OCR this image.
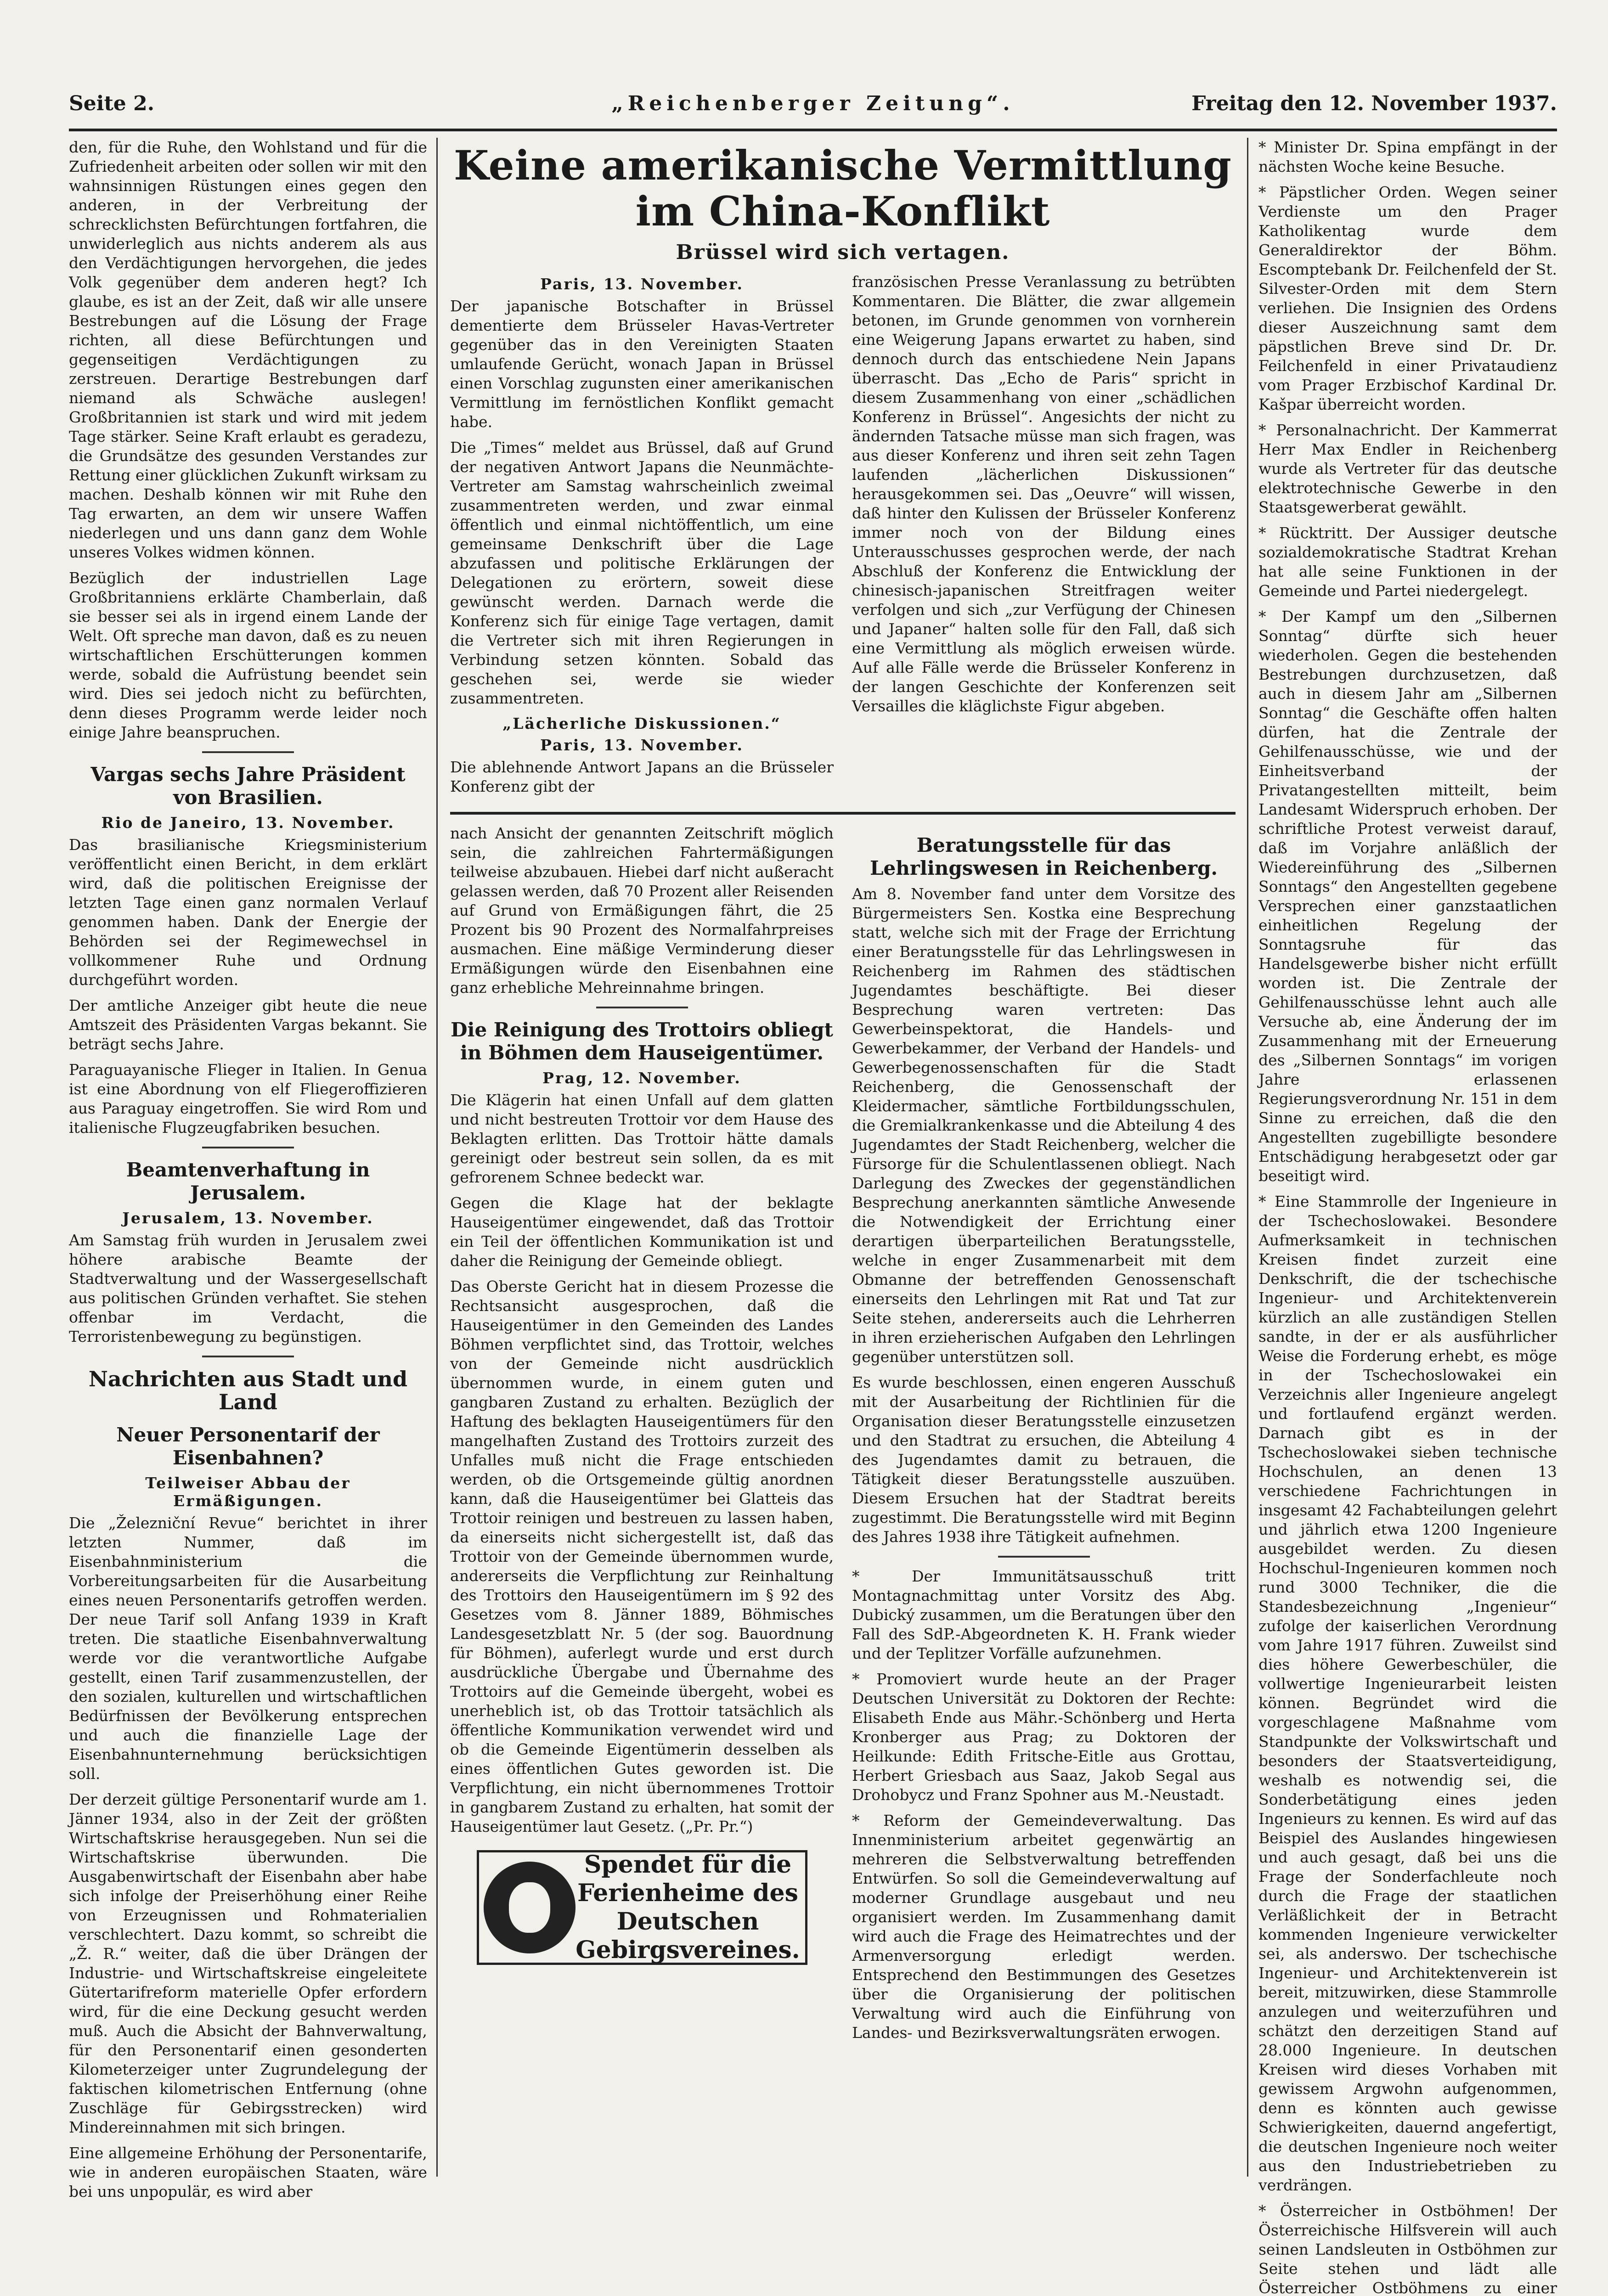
Seite 2.	„Reichenberger Zeitung“.	Freitag den 12. November 1937.

den, für die Ruhe, den Wohlstand und für die Zufriedenheit arbeiten oder sollen wir mit den wahnsinnigen Rüstungen eines gegen den anderen, in der Verbreitung der schrecklichsten Befürchtungen fortfahren, die unwiderleglich aus nichts anderem als aus den Verdächtigungen hervorgehen, die jedes Volk gegenüber dem anderen hegt? Ich glaube, es ist an der Zeit, daß wir alle unsere Bestrebungen auf die Lösung der Frage richten, all diese Befürchtungen und gegenseitigen Verdächtigungen zu zerstreuen. Derartige Bestrebungen darf niemand als Schwäche auslegen! Großbritannien ist stark und wird mit jedem Tage stärker. Seine Kraft erlaubt es geradezu, die Grundsätze des gesunden Verstandes zur Rettung einer glücklichen Zukunft wirksam zu machen. Deshalb können wir mit Ruhe den Tag erwarten, an dem wir unsere Waffen niederlegen und uns dann ganz dem Wohle unseres Volkes widmen können.

Bezüglich der industriellen Lage Großbritanniens erklärte Chamberlain, daß sie besser sei als in irgend einem Lande der Welt. Oft spreche man davon, daß es zu neuen wirtschaftlichen Erschütterungen kommen werde, sobald die Aufrüstung beendet sein wird. Dies sei jedoch nicht zu befürchten, denn dieses Programm werde leider noch einige Jahre beanspruchen.

Vargas sechs Jahre Präsident von Brasilien.
Rio de Janeiro, 13. November.

Das brasilianische Kriegsministerium veröffentlicht einen Bericht, in dem erklärt wird, daß die politischen Ereignisse der letzten Tage einen ganz normalen Verlauf genommen haben. Dank der Energie der Behörden sei der Regimewechsel in vollkommener Ruhe und Ordnung durchgeführt worden.

Der amtliche Anzeiger gibt heute die neue Amtszeit des Präsidenten Vargas bekannt. Sie beträgt sechs Jahre.

Paraguayanische Flieger in Italien. In Genua ist eine Abordnung von elf Fliegeroffizieren aus Paraguay eingetroffen. Sie wird Rom und italienische Flugzeugfabriken besuchen.

Beamtenverhaftung in Jerusalem.
Jerusalem, 13. November.

Am Samstag früh wurden in Jerusalem zwei höhere arabische Beamte der Stadtverwaltung und der Wassergesellschaft aus politischen Gründen verhaftet. Sie stehen offenbar im Verdacht, die Terroristenbewegung zu begünstigen.

Nachrichten aus Stadt und Land
Neuer Personentarif der Eisenbahnen?
Teilweiser Abbau der Ermäßigungen.

Die „Železniční Revue“ berichtet in ihrer letzten Nummer, daß im Eisenbahnministerium die Vorbereitungsarbeiten für die Ausarbeitung eines neuen Personentarifs getroffen werden. Der neue Tarif soll Anfang 1939 in Kraft treten. Die staatliche Eisenbahnverwaltung werde vor die verantwortliche Aufgabe gestellt, einen Tarif zusammenzustellen, der den sozialen, kulturellen und wirtschaftlichen Bedürfnissen der Bevölkerung entsprechen und auch die finanzielle Lage der Eisenbahnunternehmung berücksichtigen soll.

Der derzeit gültige Personentarif wurde am 1. Jänner 1934, also in der Zeit der größten Wirtschaftskrise herausgegeben. Nun sei die Wirtschaftskrise überwunden. Die Ausgabenwirtschaft der Eisenbahn aber habe sich infolge der Preiserhöhung einer Reihe von Erzeugnissen und Rohmaterialien verschlechtert. Dazu kommt, so schreibt die „Ž. R.“ weiter, daß die über Drängen der Industrie- und Wirtschaftskreise eingeleitete Gütertarifreform materielle Opfer erfordern wird, für die eine Deckung gesucht werden muß. Auch die Absicht der Bahnverwaltung, für den Personentarif einen gesonderten Kilometerzeiger unter Zugrundelegung der faktischen kilometrischen Entfernung (ohne Zuschläge für Gebirgsstrecken) wird Mindereinnahmen mit sich bringen.

Eine allgemeine Erhöhung der Personentarife, wie in anderen europäischen Staaten, wäre bei uns unpopulär, es wird aber

Keine amerikanische Vermittlung im China-Konflikt
Brüssel wird sich vertagen.
Paris, 13. November.

Der japanische Botschafter in Brüssel dementierte dem Brüsseler Havas-Vertreter gegenüber das in den Vereinigten Staaten umlaufende Gerücht, wonach Japan in Brüssel einen Vorschlag zugunsten einer amerikanischen Vermittlung im fernöstlichen Konflikt gemacht habe.

Die „Times“ meldet aus Brüssel, daß auf Grund der negativen Antwort Japans die Neunmächte-Vertreter am Samstag wahrscheinlich zweimal zusammentreten werden, und zwar einmal öffentlich und einmal nichtöffentlich, um eine gemeinsame Denkschrift über die Lage abzufassen und politische Erklärungen der Delegationen zu erörtern, soweit diese gewünscht werden. Darnach werde die Konferenz sich für einige Tage vertagen, damit die Vertreter sich mit ihren Regierungen in Verbindung setzen könnten. Sobald das geschehen sei, werde sie wieder zusammentreten.

„Lächerliche Diskussionen.“
Paris, 13. November.

Die ablehnende Antwort Japans an die Brüsseler Konferenz gibt der

französischen Presse Veranlassung zu betrübten Kommentaren. Die Blätter, die zwar allgemein betonen, im Grunde genommen von vornherein eine Weigerung Japans erwartet zu haben, sind dennoch durch das entschiedene Nein Japans überrascht. Das „Echo de Paris“ spricht in diesem Zusammenhang von einer „schädlichen Konferenz in Brüssel“. Angesichts der nicht zu ändernden Tatsache müsse man sich fragen, was aus dieser Konferenz und ihren seit zehn Tagen laufenden „lächerlichen Diskussionen“ herausgekommen sei. Das „Oeuvre“ will wissen, daß hinter den Kulissen der Brüsseler Konferenz immer noch von der Bildung eines Unterausschusses gesprochen werde, der nach Abschluß der Konferenz die Entwicklung der chinesisch-japanischen Streitfragen weiter verfolgen und sich „zur Verfügung der Chinesen und Japaner“ halten solle für den Fall, daß sich eine Vermittlung als möglich erweisen würde. Auf alle Fälle werde die Brüsseler Konferenz in der langen Geschichte der Konferenzen seit Versailles die kläglichste Figur abgeben.

nach Ansicht der genannten Zeitschrift möglich sein, die zahlreichen Fahrtermäßigungen teilweise abzubauen. Hiebei darf nicht außeracht gelassen werden, daß 70 Prozent aller Reisenden auf Grund von Ermäßigungen fährt, die 25 Prozent bis 90 Prozent des Normalfahrpreises ausmachen. Eine mäßige Verminderung dieser Ermäßigungen würde den Eisenbahnen eine ganz erhebliche Mehreinnahme bringen.

Die Reinigung des Trottoirs obliegt in Böhmen dem Hauseigentümer.
Prag, 12. November.

Die Klägerin hat einen Unfall auf dem glatten und nicht bestreuten Trottoir vor dem Hause des Beklagten erlitten. Das Trottoir hätte damals gereinigt oder bestreut sein sollen, da es mit gefrorenem Schnee bedeckt war.

Gegen die Klage hat der beklagte Hauseigentümer eingewendet, daß das Trottoir ein Teil der öffentlichen Kommunikation ist und daher die Reinigung der Gemeinde obliegt.

Das Oberste Gericht hat in diesem Prozesse die Rechtsansicht ausgesprochen, daß die Hauseigentümer in den Gemeinden des Landes Böhmen verpflichtet sind, das Trottoir, welches von der Gemeinde nicht ausdrücklich übernommen wurde, in einem guten und gangbaren Zustand zu erhalten. Bezüglich der Haftung des beklagten Hauseigentümers für den mangelhaften Zustand des Trottoirs zurzeit des Unfalles muß nicht die Frage entschieden werden, ob die Ortsgemeinde gültig anordnen kann, daß die Hauseigentümer bei Glatteis das Trottoir reinigen und bestreuen zu lassen haben, da einerseits nicht sichergestellt ist, daß das Trottoir von der Gemeinde übernommen wurde, andererseits die Verpflichtung zur Reinhaltung des Trottoirs den Hauseigentümern im § 92 des Gesetzes vom 8. Jänner 1889, Böhmisches Landesgesetzblatt Nr. 5 (der sog. Bauordnung für Böhmen), auferlegt wurde und erst durch ausdrückliche Übergabe und Übernahme des Trottoirs auf die Gemeinde übergeht, wobei es unerheblich ist, ob das Trottoir tatsächlich als öffentliche Kommunikation verwendet wird und ob die Gemeinde Eigentümerin desselben als eines öffentlichen Gutes geworden ist. Die Verpflichtung, ein nicht übernommenes Trottoir in gangbarem Zustand zu erhalten, hat somit der Hauseigentümer laut Gesetz. („Pr. Pr.“)

Spendet für die Ferienheime des Deutschen Gebirgsvereines.
Beratungsstelle für das Lehrlingswesen in Reichenberg.

Am 8. November fand unter dem Vorsitze des Bürgermeisters Sen. Kostka eine Besprechung statt, welche sich mit der Frage der Errichtung einer Beratungsstelle für das Lehrlingswesen in Reichenberg im Rahmen des städtischen Jugendamtes beschäftigte. Bei dieser Besprechung waren vertreten: Das Gewerbeinspektorat, die Handels- und Gewerbekammer, der Verband der Handels- und Gewerbegenossenschaften für die Stadt Reichenberg, die Genossenschaft der Kleidermacher, sämtliche Fortbildungsschulen, die Gremialkrankenkasse und die Abteilung 4 des Jugendamtes der Stadt Reichenberg, welcher die Fürsorge für die Schulentlassenen obliegt. Nach Darlegung des Zweckes der gegenständlichen Besprechung anerkannten sämtliche Anwesende die Notwendigkeit der Errichtung einer derartigen überparteilichen Beratungsstelle, welche in enger Zusammenarbeit mit dem Obmanne der betreffenden Genossenschaft einerseits den Lehrlingen mit Rat und Tat zur Seite stehen, andererseits auch die Lehrherren in ihren erzieherischen Aufgaben den Lehrlingen gegenüber unterstützen soll.

Es wurde beschlossen, einen engeren Ausschuß mit der Ausarbeitung der Richtlinien für die Organisation dieser Beratungsstelle einzusetzen und den Stadtrat zu ersuchen, die Abteilung 4 des Jugendamtes damit zu betrauen, die Tätigkeit dieser Beratungsstelle auszuüben. Diesem Ersuchen hat der Stadtrat bereits zugestimmt. Die Beratungsstelle wird mit Beginn des Jahres 1938 ihre Tätigkeit aufnehmen.

* Der Immunitätsausschuß tritt Montagnachmittag unter Vorsitz des Abg. Dubický zusammen, um die Beratungen über den Fall des SdP.-Abgeordneten K. H. Frank wieder und der Teplitzer Vorfälle aufzunehmen.

* Promoviert wurde heute an der Prager Deutschen Universität zu Doktoren der Rechte: Elisabeth Ende aus Mähr.-Schönberg und Herta Kronberger aus Prag; zu Doktoren der Heilkunde: Edith Fritsche-Eitle aus Grottau, Herbert Griesbach aus Saaz, Jakob Segal aus Drohobycz und Franz Spohner aus M.-Neustadt.

* Reform der Gemeindeverwaltung. Das Innenministerium arbeitet gegenwärtig an mehreren die Selbstverwaltung betreffenden Entwürfen. So soll die Gemeindeverwaltung auf moderner Grundlage ausgebaut und neu organisiert werden. Im Zusammenhang damit wird auch die Frage des Heimatrechtes und der Armenversorgung erledigt werden. Entsprechend den Bestimmungen des Gesetzes über die Organisierung der politischen Verwaltung wird auch die Einführung von Landes- und Bezirksverwaltungsräten erwogen.

* Minister Dr. Spina empfängt in der nächsten Woche keine Besuche.

* Päpstlicher Orden. Wegen seiner Verdienste um den Prager Katholikentag wurde dem Generaldirektor der Böhm. Escomptebank Dr. Feilchenfeld der St. Silvester-Orden mit dem Stern verliehen. Die Insignien des Ordens dieser Auszeichnung samt dem päpstlichen Breve sind Dr. Dr. Feilchenfeld in einer Privataudienz vom Prager Erzbischof Kardinal Dr. Kašpar überreicht worden.

* Personalnachricht. Der Kammerrat Herr Max Endler in Reichenberg wurde als Vertreter für das deutsche elektrotechnische Gewerbe in den Staatsgewerberat gewählt.

* Rücktritt. Der Aussiger deutsche sozialdemokratische Stadtrat Krehan hat alle seine Funktionen in der Gemeinde und Partei niedergelegt.

* Der Kampf um den „Silbernen Sonntag“ dürfte sich heuer wiederholen. Gegen die bestehenden Bestrebungen durchzusetzen, daß auch in diesem Jahr am „Silbernen Sonntag“ die Geschäfte offen halten dürfen, hat die Zentrale der Gehilfenausschüsse, wie und der Einheitsverband der Privatangestellten mitteilt, beim Landesamt Widerspruch erhoben. Der schriftliche Protest verweist darauf, daß im Vorjahre anläßlich der Wiedereinführung des „Silbernen Sonntags“ den Angestellten gegebene Versprechen einer ganzstaatlichen einheitlichen Regelung der Sonntagsruhe für das Handelsgewerbe bisher nicht erfüllt worden ist. Die Zentrale der Gehilfenausschüsse lehnt auch alle Versuche ab, eine Änderung der im Zusammenhang mit der Erneuerung des „Silbernen Sonntags“ im vorigen Jahre erlassenen Regierungsverordnung Nr. 151 in dem Sinne zu erreichen, daß die den Angestellten zugebilligte besondere Entschädigung herabgesetzt oder gar beseitigt wird.

* Eine Stammrolle der Ingenieure in der Tschechoslowakei. Besondere Aufmerksamkeit in technischen Kreisen findet zurzeit eine Denkschrift, die der tschechische Ingenieur- und Architektenverein kürzlich an alle zuständigen Stellen sandte, in der er als ausführlicher Weise die Forderung erhebt, es möge in der Tschechoslowakei ein Verzeichnis aller Ingenieure angelegt und fortlaufend ergänzt werden. Darnach gibt es in der Tschechoslowakei sieben technische Hochschulen, an denen 13 verschiedene Fachrichtungen in insgesamt 42 Fachabteilungen gelehrt und jährlich etwa 1200 Ingenieure ausgebildet werden. Zu diesen Hochschul-Ingenieuren kommen noch rund 3000 Techniker, die die Standesbezeichnung „Ingenieur“ zufolge der kaiserlichen Verordnung vom Jahre 1917 führen. Zuweilst sind dies höhere Gewerbeschüler, die vollwertige Ingenieurarbeit leisten können. Begründet wird die vorgeschlagene Maßnahme vom Standpunkte der Volkswirtschaft und besonders der Staatsverteidigung, weshalb es notwendig sei, die Sonderbetätigung eines jeden Ingenieurs zu kennen. Es wird auf das Beispiel des Auslandes hingewiesen und auch gesagt, daß bei uns die Frage der Sonderfachleute noch durch die Frage der staatlichen Verläßlichkeit der in Betracht kommenden Ingenieure verwickelter sei, als anderswo. Der tschechische Ingenieur- und Architektenverein ist bereit, mitzuwirken, diese Stammrolle anzulegen und weiterzuführen und schätzt den derzeitigen Stand auf 28.000 Ingenieure. In deutschen Kreisen wird dieses Vorhaben mit gewissem Argwohn aufgenommen, denn es könnten auch gewisse Schwierigkeiten, dauernd angefertigt, die deutschen Ingenieure noch weiter aus den Industriebetrieben zu verdrängen.

* Österreicher in Ostböhmen! Der Österreichische Hilfsverein will auch seinen Landsleuten in Ostböhmen zur Seite stehen und lädt alle Österreicher Ostböhmens zu einer
